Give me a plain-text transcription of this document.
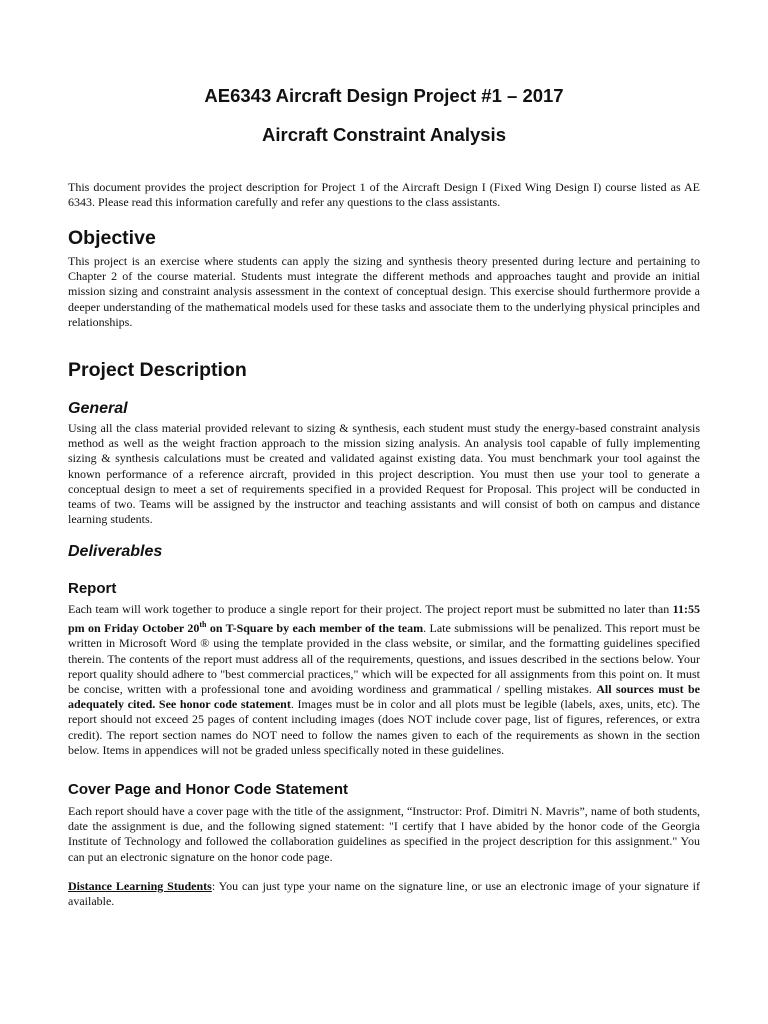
AE6343 Aircraft Design Project #1 – 2017
Aircraft Constraint Analysis

This document provides the project description for Project 1 of the Aircraft Design I (Fixed Wing Design I) course listed as AE 6343. Please read this information carefully and refer any questions to the class assistants.

Objective

This project is an exercise where students can apply the sizing and synthesis theory presented during lecture and pertaining to Chapter 2 of the course material. Students must integrate the different methods and approaches taught and provide an initial mission sizing and constraint analysis assessment in the context of conceptual design. This exercise should furthermore provide a deeper understanding of the mathematical models used for these tasks and associate them to the underlying physical principles and relationships.

Project Description
General

Using all the class material provided relevant to sizing & synthesis, each student must study the energy-based constraint analysis method as well as the weight fraction approach to the mission sizing analysis. An analysis tool capable of fully implementing sizing & synthesis calculations must be created and validated against existing data. You must benchmark your tool against the known performance of a reference aircraft, provided in this project description. You must then use your tool to generate a conceptual design to meet a set of requirements specified in a provided Request for Proposal. This project will be conducted in teams of two. Teams will be assigned by the instructor and teaching assistants and will consist of both on campus and distance learning students.

Deliverables
Report

Each team will work together to produce a single report for their project. The project report must be submitted no later than 11:55 pm on Friday October 20th on T-Square by each member of the team. Late submissions will be penalized. This report must be written in Microsoft Word ® using the template provided in the class website, or similar, and the formatting guidelines specified therein. The contents of the report must address all of the requirements, questions, and issues described in the sections below. Your report quality should adhere to "best commercial practices," which will be expected for all assignments from this point on. It must be concise, written with a professional tone and avoiding wordiness and grammatical / spelling mistakes. All sources must be adequately cited. See honor code statement. Images must be in color and all plots must be legible (labels, axes, units, etc). The report should not exceed 25 pages of content including images (does NOT include cover page, list of figures, references, or extra credit). The report section names do NOT need to follow the names given to each of the requirements as shown in the section below. Items in appendices will not be graded unless specifically noted in these guidelines.

Cover Page and Honor Code Statement

Each report should have a cover page with the title of the assignment, “Instructor: Prof. Dimitri N. Mavris”, name of both students, date the assignment is due, and the following signed statement: "I certify that I have abided by the honor code of the Georgia Institute of Technology and followed the collaboration guidelines as specified in the project description for this assignment." You can put an electronic signature on the honor code page.

Distance Learning Students: You can just type your name on the signature line, or use an electronic image of your signature if available.
